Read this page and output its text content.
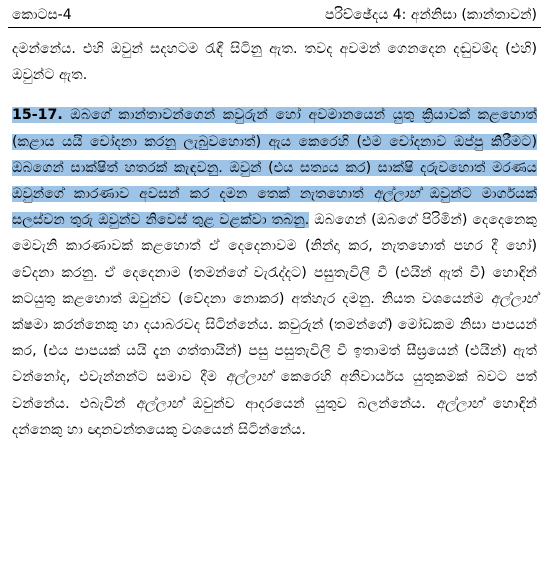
කොටස-4	පරිච්ඡේදය 4: අන්නිසා (කාන්තාවන්)

දමන්නේය. එහි ඔවුන් සදහටම රැඳී සිටිනු ඇත. තවද අවමන් ගෙනදෙන දඬුවම්ද (එහි) ඔවුන්ට ඇත.

15-17. ඔබගේ කාන්තාවන්ගෙන් කවුරුන් හෝ අවමානයෙන් යුතු ක්‍රියාවක් කළහොත් (කළාය යයි චෝදනා කරනු ලැබුවහොත්) ඇය කෙරෙහි (එම චෝදනාව ඔප්පු කිරීමට) ඔබගෙන් සාක්ෂිත් හතරක් කැඳවනු. ඔවුන් (එය සත්‍යය කර) සාක්ෂි දරුවහොත් මරණය ඔවුන්ගේ කාරණාව අවසන් කර දමන තෙක් නැතහොත් අල්ලාහ් ඔවුන්ට මාර්ගයක් සලස්වන තුරු ඔවුන්ව නිවෙස් තුළ වළක්වා තබනු. ඔබගෙන් (ඔබගේ පිරිමින්) දෙදෙනෙකු මෙවැනි කාරණාවක් කළහොත් ඒ දෙදෙනාවම (නින්දා කර, නැතහොත් පහර දී හෝ) වේදනා කරනු. ඒ දෙදෙනාම (තමන්ගේ වැරැද්දට) පසුතැවිලි වී (එයින් ඇත් වී) හොඳින් කටයුතු කළහොත් ඔවුන්ව (වේදනා නොකර) අත්හැර දමනු. නියත වශයෙන්ම අල්ලාහ් ක්ෂමා කරන්නෙකු හා දයාබරවද සිටින්නේය. කවුරුන් (තමන්ගේ) මෝඩකම නිසා පාපයන් කර, (එය පාපයක් යයි දැන ගත්තායින්) පසු පසුතැවිලි වී ඉතාමත් සීඝ්‍රයෙන් (එයින්) ඇත් වන්නෝද, එවැන්නන්ට සමාව දීම අල්ලාහ් කෙරෙහි අනිවාර්යය යුතුකමක් බවට පත් වන්නේය. එබැවින් අල්ලාහ් ඔවුන්ව ආදරයෙන් යුතුව බලන්නේය. අල්ලාහ් හොඳින් දන්නෙකු හා ඥානවන්තයෙකු වශයෙන් සිටින්නේය.
